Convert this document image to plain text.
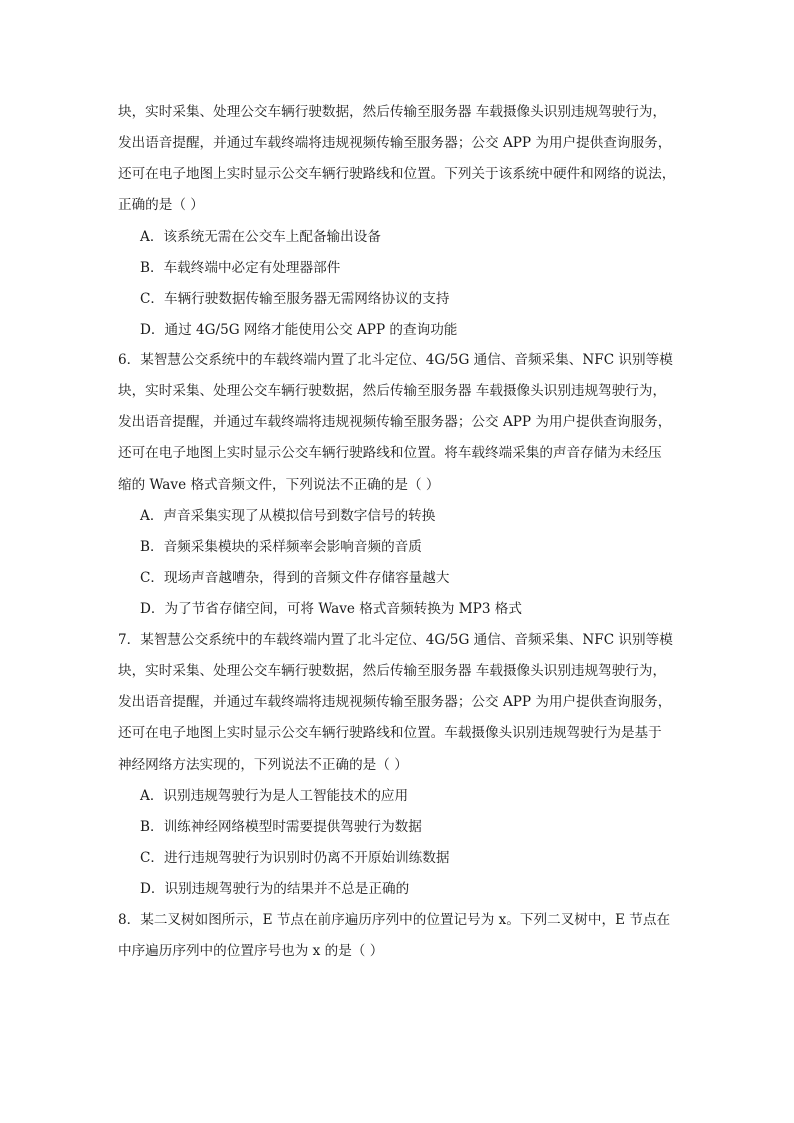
块，实时采集、处理公交车辆行驶数据，然后传输至服务器 车载摄像头识别违规驾驶行为，
发出语音提醒，并通过车载终端将违规视频传输至服务器；公交 APP 为用户提供查询服务，
还可在电子地图上实时显示公交车辆行驶路线和位置。下列关于该系统中硬件和网络的说法，
正确的是（ ）
A．该系统无需在公交车上配备输出设备
B．车载终端中必定有处理器部件
C．车辆行驶数据传输至服务器无需网络协议的支持
D．通过 4G/5G 网络才能使用公交 APP 的查询功能
6．某智慧公交系统中的车载终端内置了北斗定位、4G/5G 通信、音频采集、NFC 识别等模
块，实时采集、处理公交车辆行驶数据，然后传输至服务器 车载摄像头识别违规驾驶行为，
发出语音提醒，并通过车载终端将违规视频传输至服务器；公交 APP 为用户提供查询服务，
还可在电子地图上实时显示公交车辆行驶路线和位置。将车载终端采集的声音存储为未经压
缩的 Wave 格式音频文件，下列说法不正确的是（ ）
A．声音采集实现了从模拟信号到数字信号的转换
B．音频采集模块的采样频率会影响音频的音质
C．现场声音越嘈杂，得到的音频文件存储容量越大
D．为了节省存储空间，可将 Wave 格式音频转换为 MP3 格式
7．某智慧公交系统中的车载终端内置了北斗定位、4G/5G 通信、音频采集、NFC 识别等模
块，实时采集、处理公交车辆行驶数据，然后传输至服务器 车载摄像头识别违规驾驶行为，
发出语音提醒，并通过车载终端将违规视频传输至服务器；公交 APP 为用户提供查询服务，
还可在电子地图上实时显示公交车辆行驶路线和位置。车载摄像头识别违规驾驶行为是基于
神经网络方法实现的，下列说法不正确的是（ ）
A．识别违规驾驶行为是人工智能技术的应用
B．训练神经网络模型时需要提供驾驶行为数据
C．进行违规驾驶行为识别时仍离不开原始训练数据
D．识别违规驾驶行为的结果并不总是正确的
8．某二叉树如图所示，E 节点在前序遍历序列中的位置记号为 x。下列二叉树中，E 节点在
中序遍历序列中的位置序号也为 x 的是（ ）
